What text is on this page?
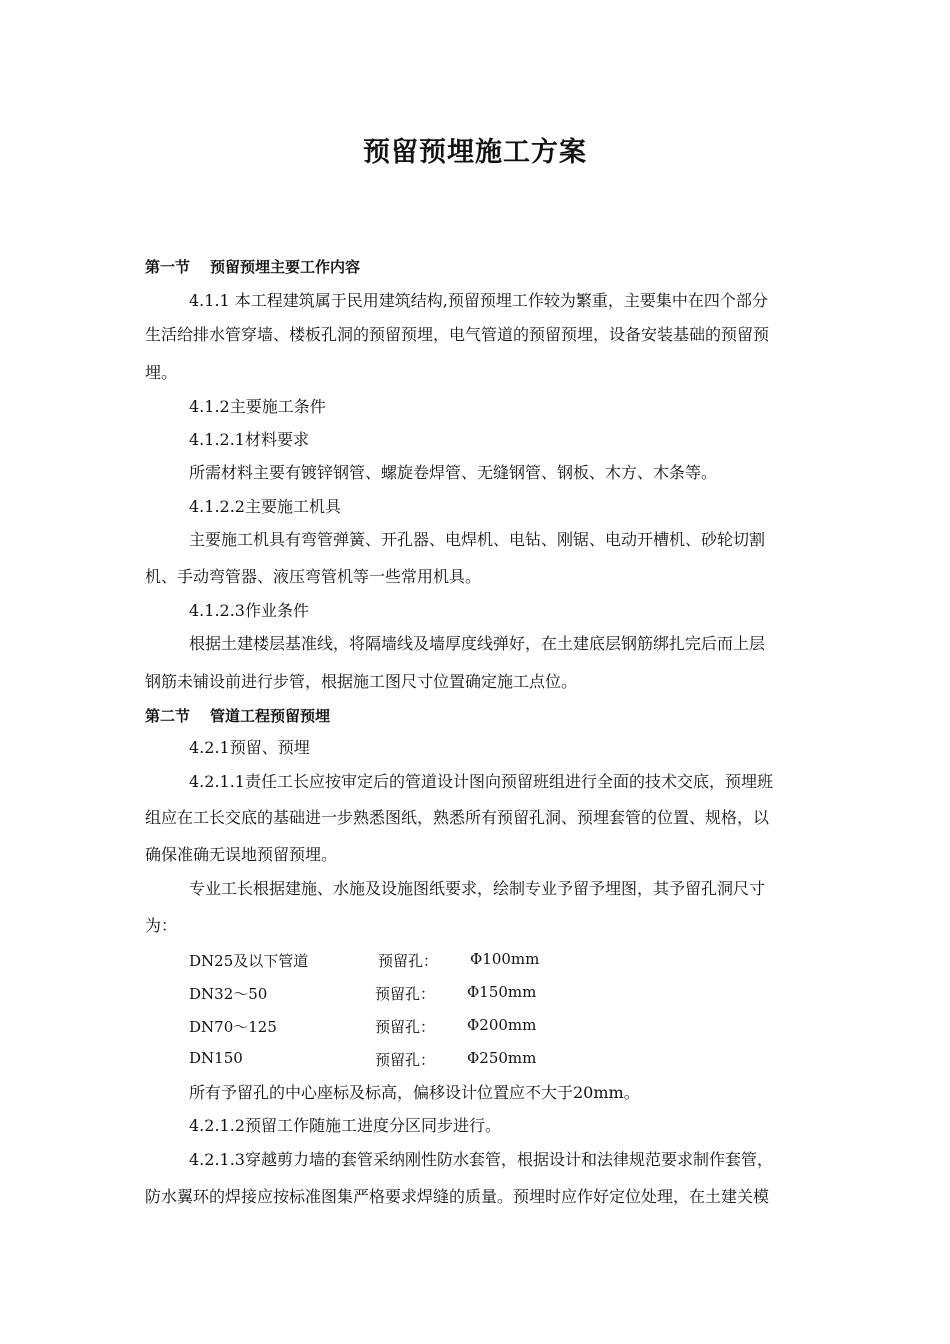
预留预埋施工方案
第一节 预留预埋主要工作内容
4.1.1 本工程建筑属于民用建筑结构,预留预埋工作较为繁重，主要集中在四个部分
生活给排水管穿墙、楼板孔洞的预留预埋，电气管道的预留预埋，设备安装基础的预留预
埋。
4.1.2主要施工条件
4.1.2.1材料要求
所需材料主要有镀锌钢管、螺旋卷焊管、无缝钢管、钢板、木方、木条等。
4.1.2.2主要施工机具
主要施工机具有弯管弹簧、开孔器、电焊机、电钻、刚锯、电动开槽机、砂轮切割
机、手动弯管器、液压弯管机等一些常用机具。
4.1.2.3作业条件
根据土建楼层基准线，将隔墙线及墙厚度线弹好，在土建底层钢筋绑扎完后而上层
钢筋未铺设前进行步管，根据施工图尺寸位置确定施工点位。
第二节 管道工程预留预埋
4.2.1预留、预埋
4.2.1.1责任工长应按审定后的管道设计图向预留班组进行全面的技术交底，预埋班
组应在工长交底的基础进一步熟悉图纸，熟悉所有预留孔洞、预埋套管的位置、规格，以
确保准确无误地预留预埋。
专业工长根据建施、水施及设施图纸要求，绘制专业予留予埋图，其予留孔洞尺寸
为：
DN25及以下管道	预留孔： Φ100mm
DN32～50	预留孔： Φ150mm
DN70～125	预留孔： Φ200mm
DN150	预留孔： Φ250mm
所有予留孔的中心座标及标高，偏移设计位置应不大于20mm。
4.2.1.2预留工作随施工进度分区同步进行。
4.2.1.3穿越剪力墙的套管采纳刚性防水套管，根据设计和法律规范要求制作套管，
防水翼环的焊接应按标准图集严格要求焊缝的质量。预埋时应作好定位处理，在土建关模
